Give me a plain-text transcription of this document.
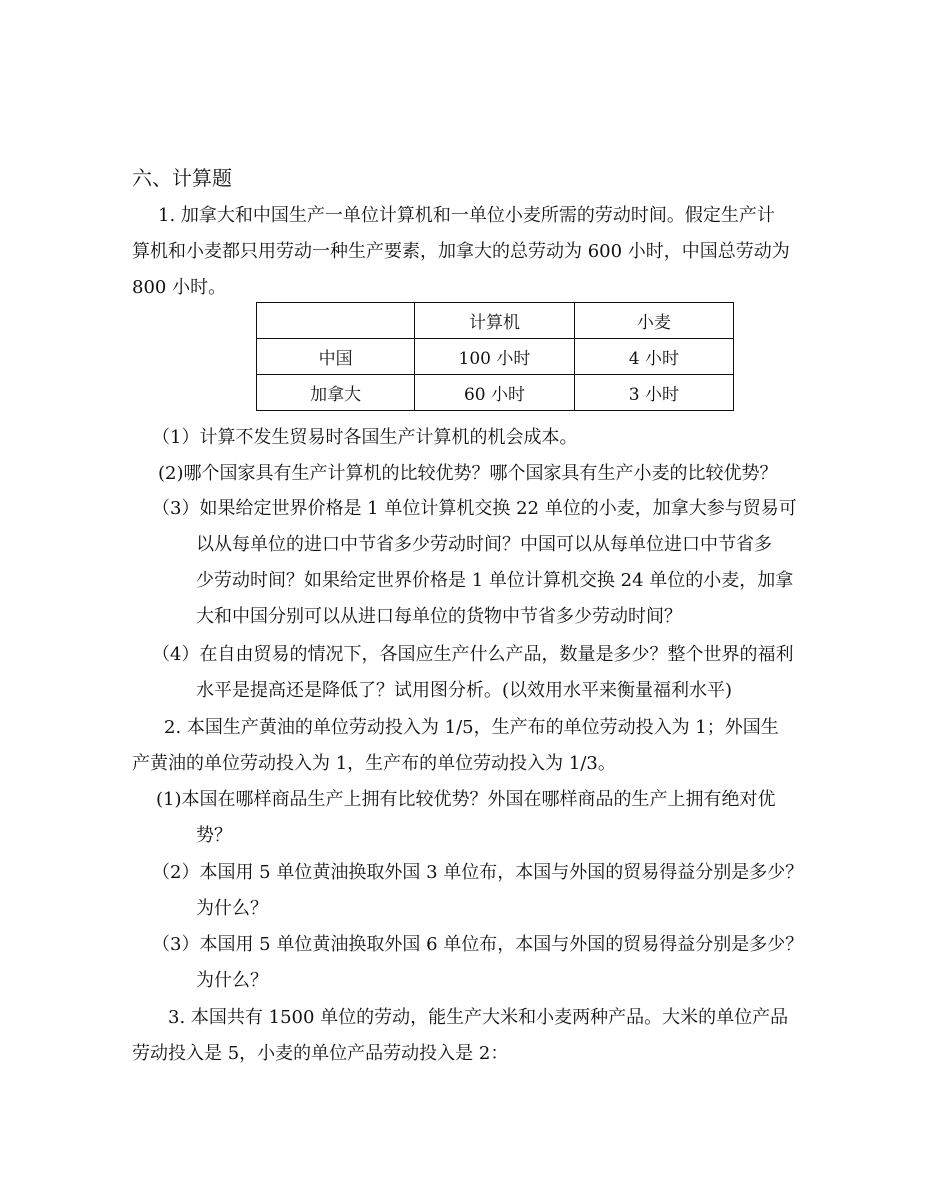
六、计算题
1. 加拿大和中国生产一单位计算机和一单位小麦所需的劳动时间。假定生产计
算机和小麦都只用劳动一种生产要素，加拿大的总劳动为 600 小时，中国总劳动为
800 小时。
	计算机	小麦
中国	100 小时	4 小时
加拿大	60 小时	3 小时
（1）计算不发生贸易时各国生产计算机的机会成本。
(2)哪个国家具有生产计算机的比较优势？哪个国家具有生产小麦的比较优势？
（3）如果给定世界价格是 1 单位计算机交换 22 单位的小麦，加拿大参与贸易可
以从每单位的进口中节省多少劳动时间？中国可以从每单位进口中节省多
少劳动时间？如果给定世界价格是 1 单位计算机交换 24 单位的小麦，加拿
大和中国分别可以从进口每单位的货物中节省多少劳动时间？
（4）在自由贸易的情况下，各国应生产什么产品，数量是多少？整个世界的福利
水平是提高还是降低了？试用图分析。(以效用水平来衡量福利水平)
2. 本国生产黄油的单位劳动投入为 1/5，生产布的单位劳动投入为 1；外国生
产黄油的单位劳动投入为 1，生产布的单位劳动投入为 1/3。
(1)本国在哪样商品生产上拥有比较优势？外国在哪样商品的生产上拥有绝对优
势？
（2）本国用 5 单位黄油换取外国 3 单位布，本国与外国的贸易得益分别是多少？
为什么？
（3）本国用 5 单位黄油换取外国 6 单位布，本国与外国的贸易得益分别是多少？
为什么？
3. 本国共有 1500 单位的劳动，能生产大米和小麦两种产品。大米的单位产品
劳动投入是 5，小麦的单位产品劳动投入是 2：
